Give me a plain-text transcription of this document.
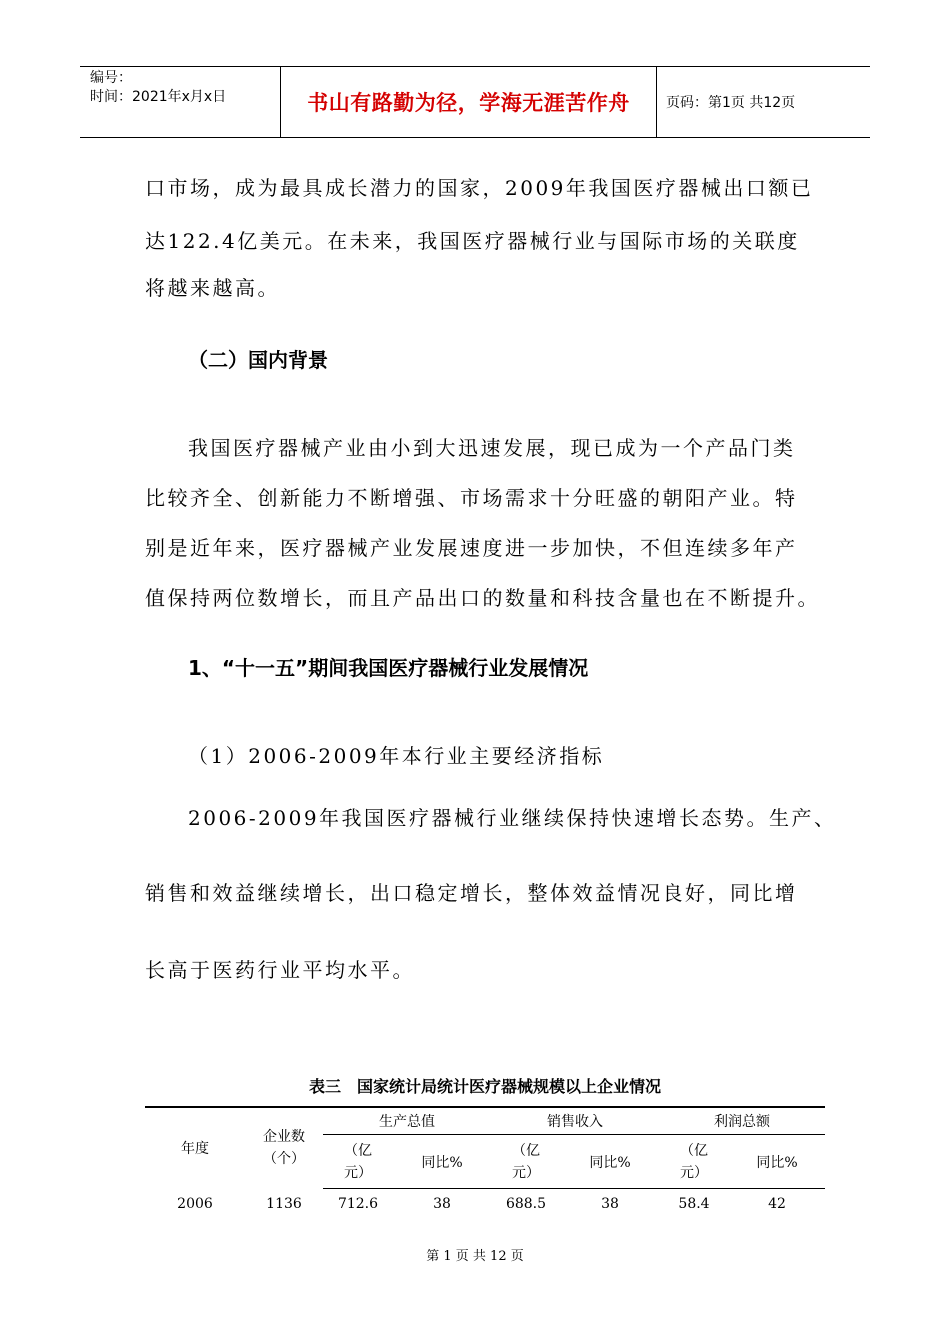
编号：
时间：2021年x月x日	书山有路勤为径，学海无涯苦作舟	页码：第1页 共12页
口市场，成为最具成长潜力的国家，2009年我国医疗器械出口额已
达122.4亿美元。在未来，我国医疗器械行业与国际市场的关联度
将越来越高。
（二）国内背景
我国医疗器械产业由小到大迅速发展，现已成为一个产品门类
比较齐全、创新能力不断增强、市场需求十分旺盛的朝阳产业。特
别是近年来，医疗器械产业发展速度进一步加快，不但连续多年产
值保持两位数增长，而且产品出口的数量和科技含量也在不断提升。
1、“十一五”期间我国医疗器械行业发展情况
（1）2006-2009年本行业主要经济指标
2006-2009年我国医疗器械行业继续保持快速增长态势。生产、
销售和效益继续增长，出口稳定增长，整体效益情况良好，同比增
长高于医药行业平均水平。
表三　国家统计局统计医疗器械规模以上企业情况
年度	企业数（个）	生产总值		销售收入		利润总额	
		（亿元）	同比%	（亿元）	同比%	（亿元）	同比%
2006	1136	712.6	38	688.5	38	58.4	42
第 1 页 共 12 页
